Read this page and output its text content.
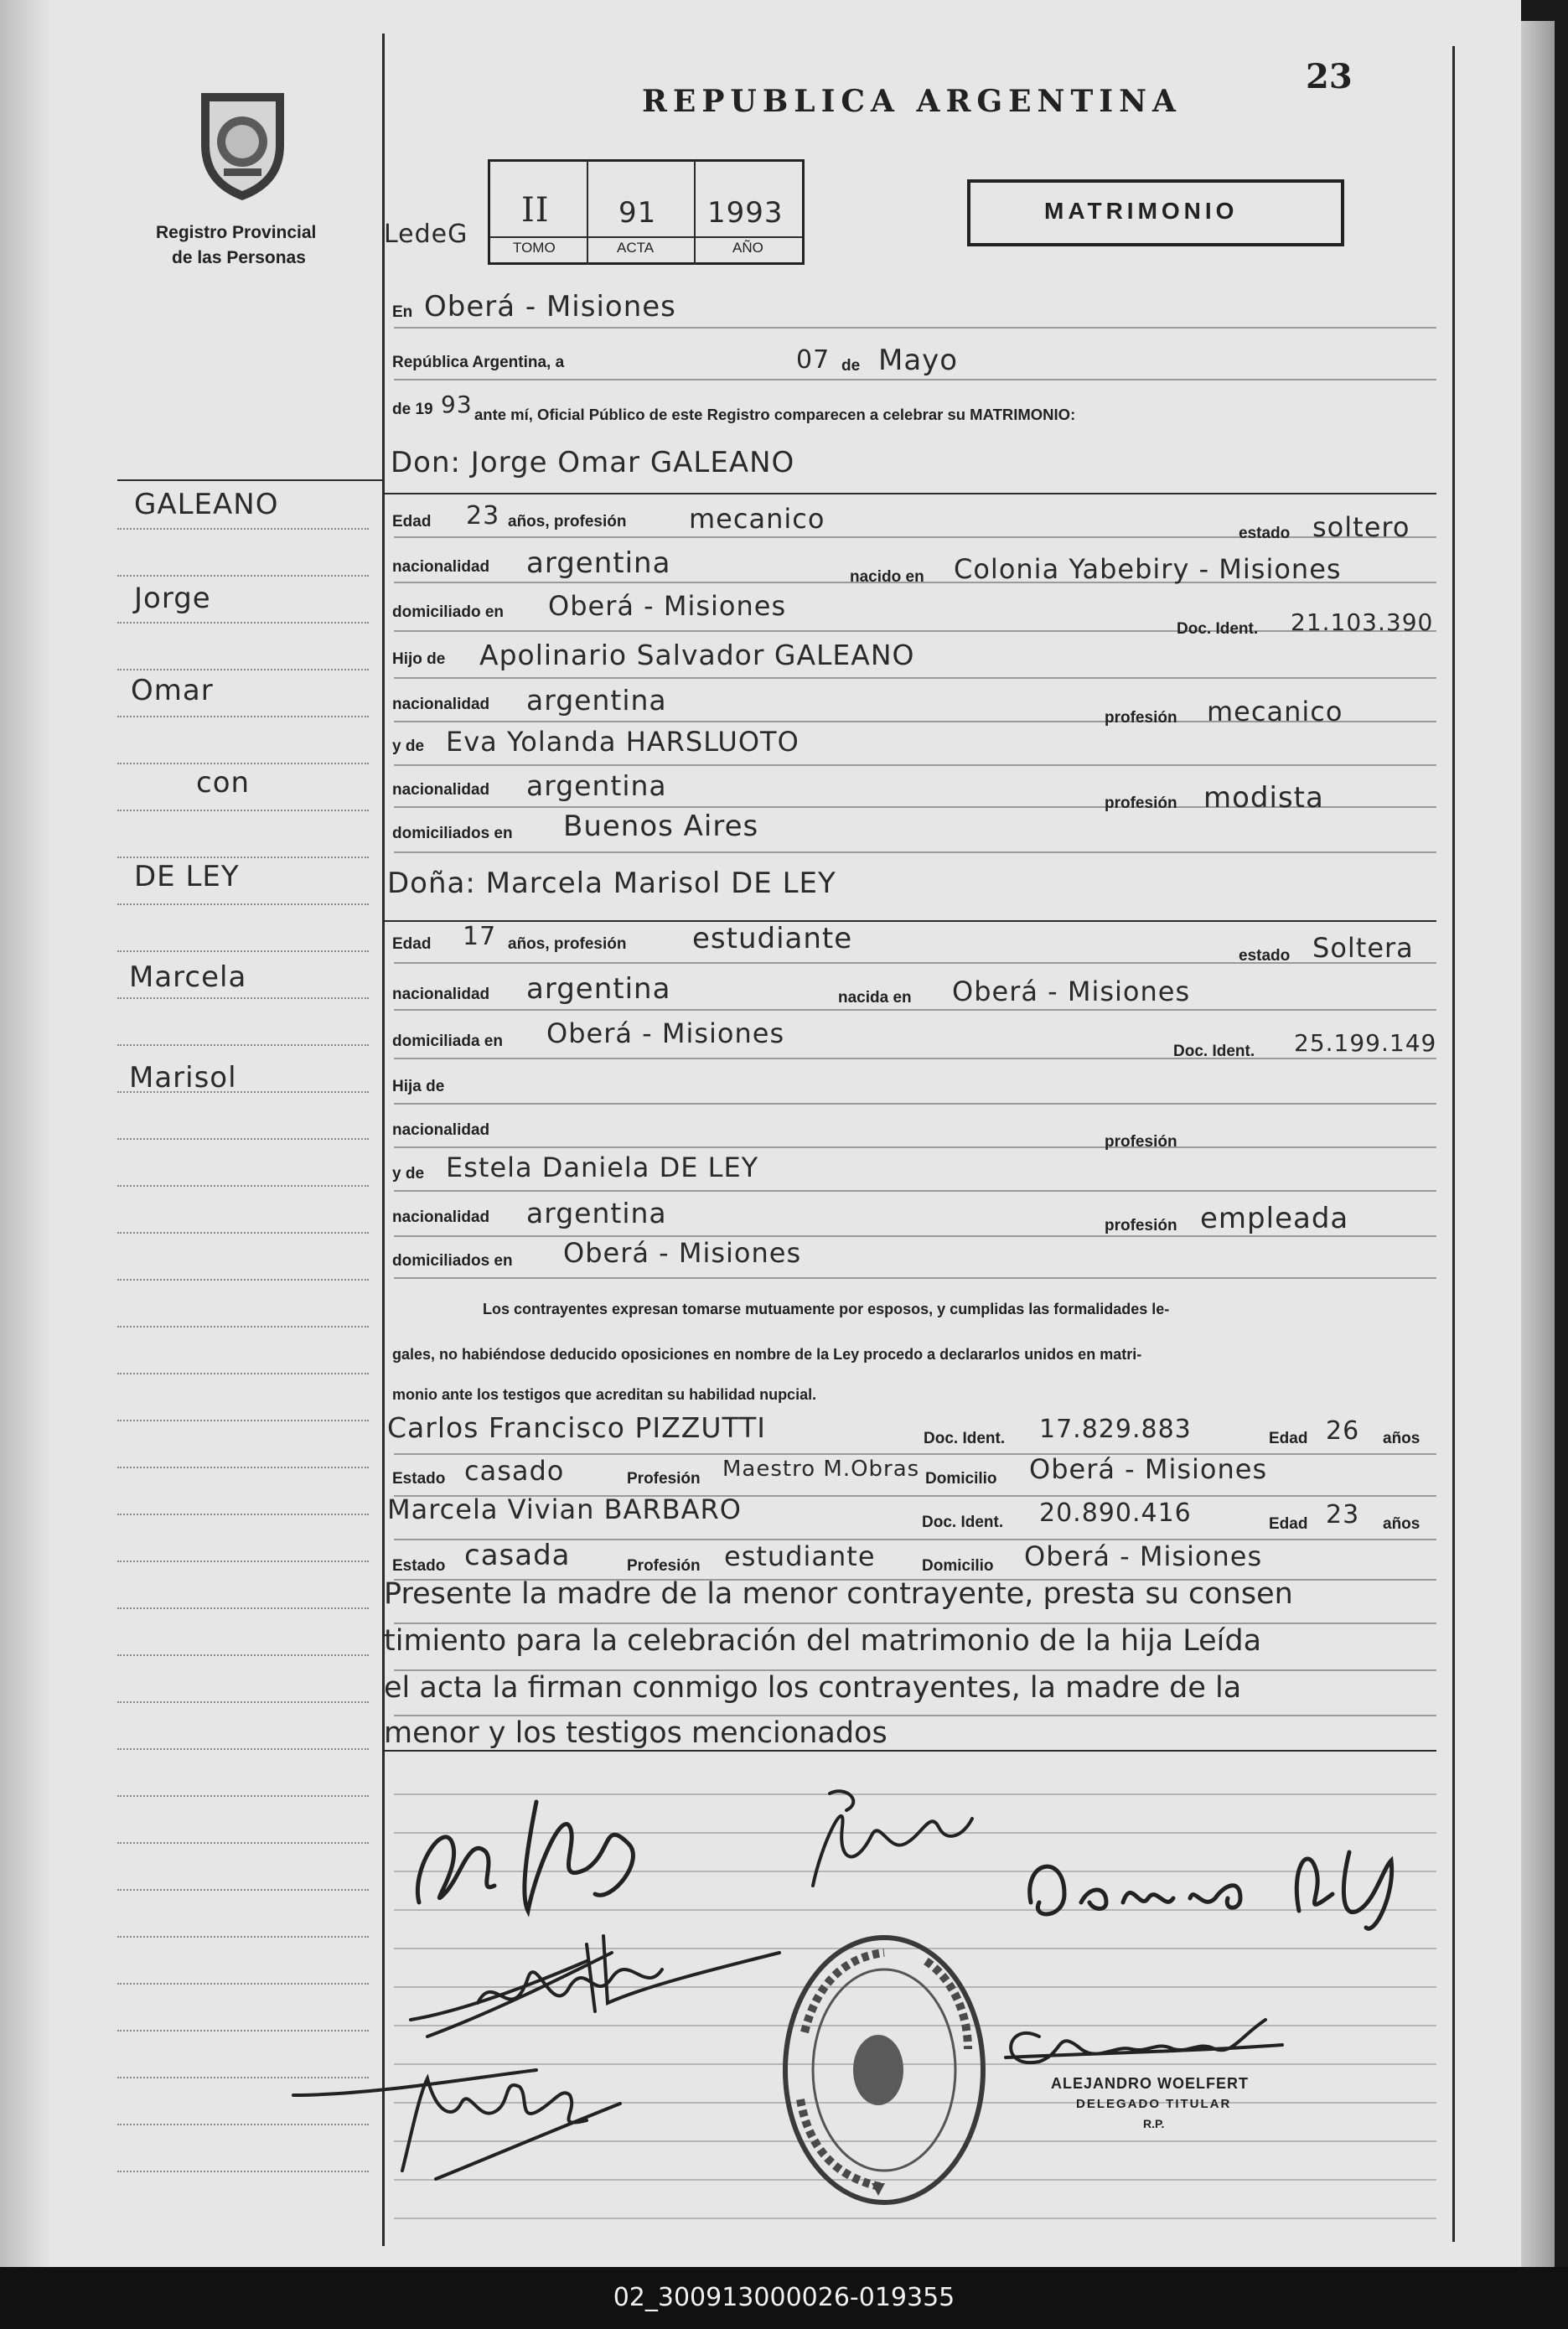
Registro Provincial
de las Personas
REPUBLICA ARGENTINA
23
MATRIMONIO
LedeG
II 91 1993
TOMO	ACTA	AÑO
GALEANO
Jorge
Omar
con
DE LEY
Marcela
Marisol
En Oberá - Misiones
República Argentina, a	07 de Mayo
de 19 93 ante mí, Oficial Público de este Registro comparecen a celebrar su MATRIMONIO:
Don: Jorge Omar GALEANO
Edad 23 años, profesión mecanico	estado soltero
nacionalidad argentina	nacido en Colonia Yabebiry - Misiones
domiciliado en Oberá - Misiones
Doc. Ident. 21.103.390
Hijo de Apolinario Salvador GALEANO
nacionalidad argentina
profesión mecanico
y de Eva Yolanda HARSLUOTO
nacionalidad argentina
profesión modista
domiciliados en Buenos Aires
Doña: Marcela Marisol DE LEY
Edad 17 años, profesión estudiante
estado Soltera
nacionalidad argentina	nacida en Oberá - Misiones
domiciliada en Oberá - Misiones
Doc. Ident. 25.199.149
Hija de
nacionalidad
profesión
y de Estela Daniela DE LEY
nacionalidad argentina	profesión empleada
domiciliados en Oberá - Misiones
Los contrayentes expresan tomarse mutuamente por esposos, y cumplidas las formalidades le-
gales, no habiéndose deducido oposiciones en nombre de la Ley procedo a declararlos unidos en matri-
monio ante los testigos que acreditan su habilidad nupcial.
Carlos Francisco PIZZUTTI	Doc. Ident. 17.829.883	Edad 26 años
Estado casado	Profesión Maestro M.Obras Domicilio Oberá - Misiones
Marcela Vivian BARBARO	Doc. Ident. 20.890.416	Edad 23 años
Estado casada	Profesión estudiante	Domicilio Oberá - Misiones
Presente la madre de la menor contrayente, presta su consen
timiento para la celebración del matrimonio de la hija Leída
el acta la firman conmigo los contrayentes, la madre de la
menor y los testigos mencionados
ALEJANDRO WOELFERT
DELEGADO TITULAR
R.P.
02_300913000026-019355
